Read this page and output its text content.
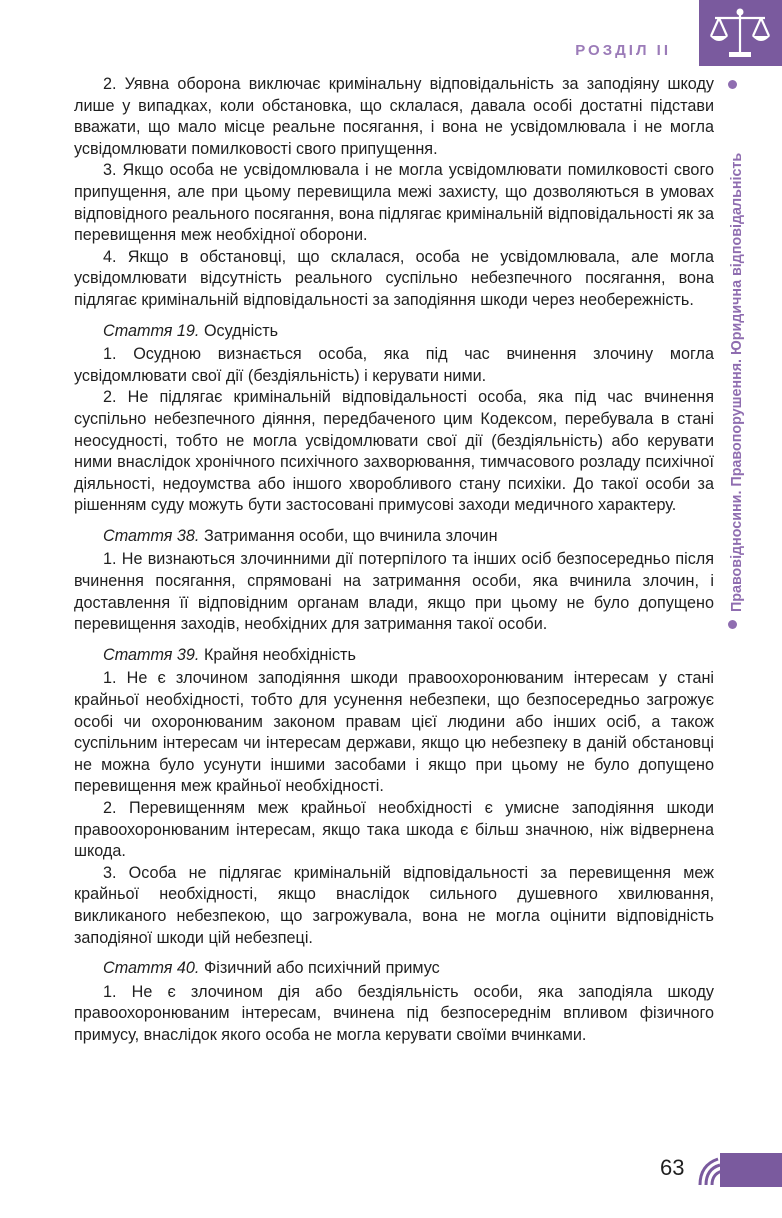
РОЗДІЛ II
Правовідносини. Правопорушення. Юридична відповідальність

2. Уявна оборона виключає кримінальну відповідальність за заподіяну шкоду лише у випадках, коли обстановка, що склалася, давала особі достатні підстави вважати, що мало місце реальне посягання, і вона не усвідомлювала і не могла усвідомлювати помилковості свого припущення.

3. Якщо особа не усвідомлювала і не могла усвідомлювати помилковості свого припущення, але при цьому перевищила межі захисту, що дозволяються в умовах відповідного реального посягання, вона підлягає кримінальній відповідальності як за перевищення меж необхідної оборони.

4. Якщо в обстановці, що склалася, особа не усвідомлювала, але могла усвідомлювати відсутність реального суспільно небезпечного посягання, вона підлягає кримінальній відповідальності за заподіяння шкоди через необережність.

Стаття 19. Осудність

1. Осудною визнається особа, яка під час вчинення злочину могла усвідомлювати свої дії (бездіяльність) і керувати ними.

2. Не підлягає кримінальній відповідальності особа, яка під час вчинення суспільно небезпечного діяння, передбаченого цим Кодексом, перебувала в стані неосудності, тобто не могла усвідомлювати свої дії (бездіяльність) або керувати ними внаслідок хронічного психічного захворювання, тимчасового розладу психічної діяльності, недоумства або іншого хворобливого стану психіки. До такої особи за рішенням суду можуть бути застосовані примусові заходи медичного характеру.

Стаття 38. Затримання особи, що вчинила злочин

1. Не визнаються злочинними дії потерпілого та інших осіб безпосередньо після вчинення посягання, спрямовані на затримання особи, яка вчинила злочин, і доставлення її відповідним органам влади, якщо при цьому не було допущено перевищення заходів, необхідних для затримання такої особи.

Стаття 39. Крайня необхідність

1. Не є злочином заподіяння шкоди правоохоронюваним інтересам у стані крайньої необхідності, тобто для усунення небезпеки, що безпосередньо загрожує особі чи охоронюваним законом правам цієї людини або інших осіб, а також суспільним інтересам чи інтересам держави, якщо цю небезпеку в даній обстановці не можна було усунути іншими засобами і якщо при цьому не було допущено перевищення меж крайньої необхідності.

2. Перевищенням меж крайньої необхідності є умисне заподіяння шкоди правоохоронюваним інтересам, якщо така шкода є більш значною, ніж відвернена шкода.

3. Особа не підлягає кримінальній відповідальності за перевищення меж крайньої необхідності, якщо внаслідок сильного душевного хвилювання, викликаного небезпекою, що загрожувала, вона не могла оцінити відповідність заподіяної шкоди цій небезпеці.

Стаття 40. Фізичний або психічний примус

1. Не є злочином дія або бездіяльність особи, яка заподіяла шкоду правоохоронюваним інтересам, вчинена під безпосереднім впливом фізичного примусу, внаслідок якого особа не могла керувати своїми вчинками.

63
